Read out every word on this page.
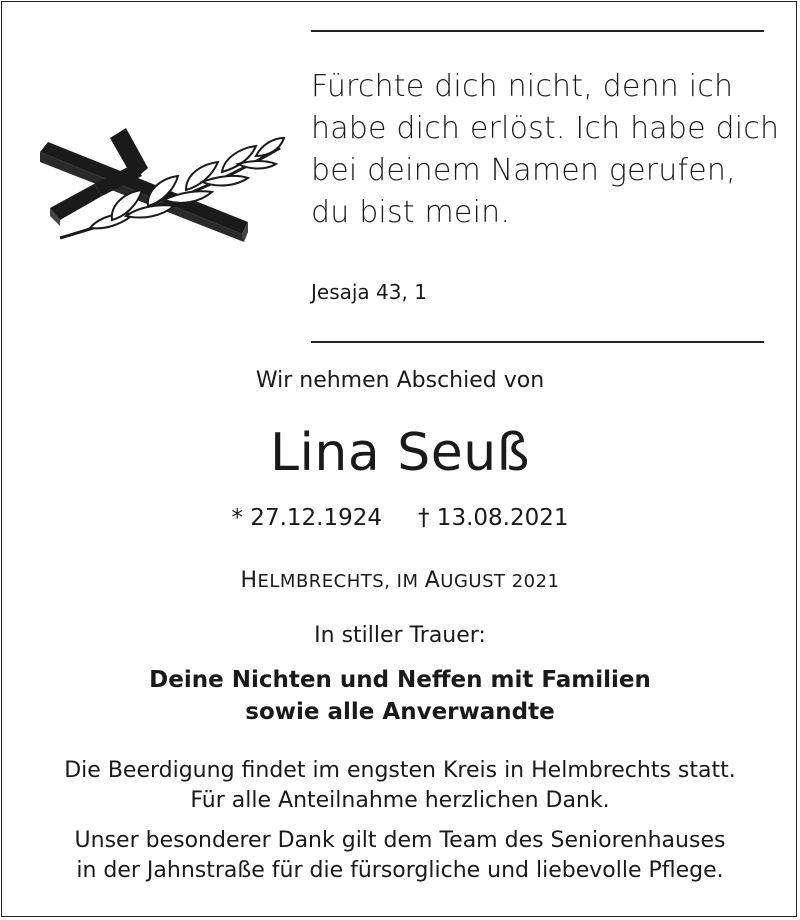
Fürchte dich nicht, denn ich
habe dich erlöst. Ich habe dich
bei deinem Namen gerufen,
du bist mein.
Jesaja 43, 1
Wir nehmen Abschied von
Lina Seuß
* 27.12.1924 † 13.08.2021
HELMBRECHTS, IM AUGUST 2021
In stiller Trauer:
Deine Nichten und Neffen mit Familien
sowie alle Anverwandte
Die Beerdigung findet im engsten Kreis in Helmbrechts statt.
Für alle Anteilnahme herzlichen Dank.
Unser besonderer Dank gilt dem Team des Seniorenhauses
in der Jahnstraße für die fürsorgliche und liebevolle Pflege.
